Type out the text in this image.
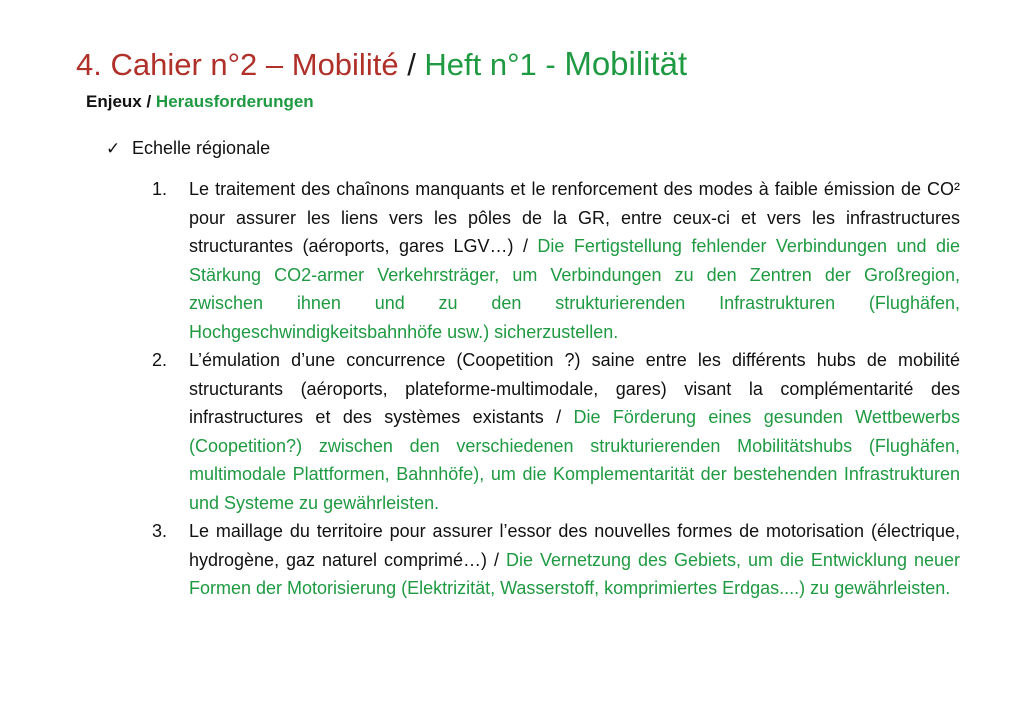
4. Cahier n°2 – Mobilité / Heft n°1 - Mobilität
Enjeux / Herausforderungen
✓ Echelle régionale
1. Le traitement des chaînons manquants et le renforcement des modes à faible émission de CO² pour assurer les liens vers les pôles de la GR, entre ceux-ci et vers les infrastructures structurantes (aéroports, gares LGV…) / Die Fertigstellung fehlender Verbindungen und die Stärkung CO2-armer Verkehrsträger, um Verbindungen zu den Zentren der Großregion, zwischen ihnen und zu den strukturierenden Infrastrukturen (Flughäfen, Hochgeschwindigkeitsbahnhöfe usw.) sicherzustellen.
2. L’émulation d’une concurrence (Coopetition ?) saine entre les différents hubs de mobilité structurants (aéroports, plateforme-multimodale, gares) visant la complémentarité des infrastructures et des systèmes existants / Die Förderung eines gesunden Wettbewerbs (Coopetition?) zwischen den verschiedenen strukturierenden Mobilitätshubs (Flughäfen, multimodale Plattformen, Bahnhöfe), um die Komplementarität der bestehenden Infrastrukturen und Systeme zu gewährleisten.
3. Le maillage du territoire pour assurer l’essor des nouvelles formes de motorisation (électrique, hydrogène, gaz naturel comprimé…) / Die Vernetzung des Gebiets, um die Entwicklung neuer Formen der Motorisierung (Elektrizität, Wasserstoff, komprimiertes Erdgas....) zu gewährleisten.
